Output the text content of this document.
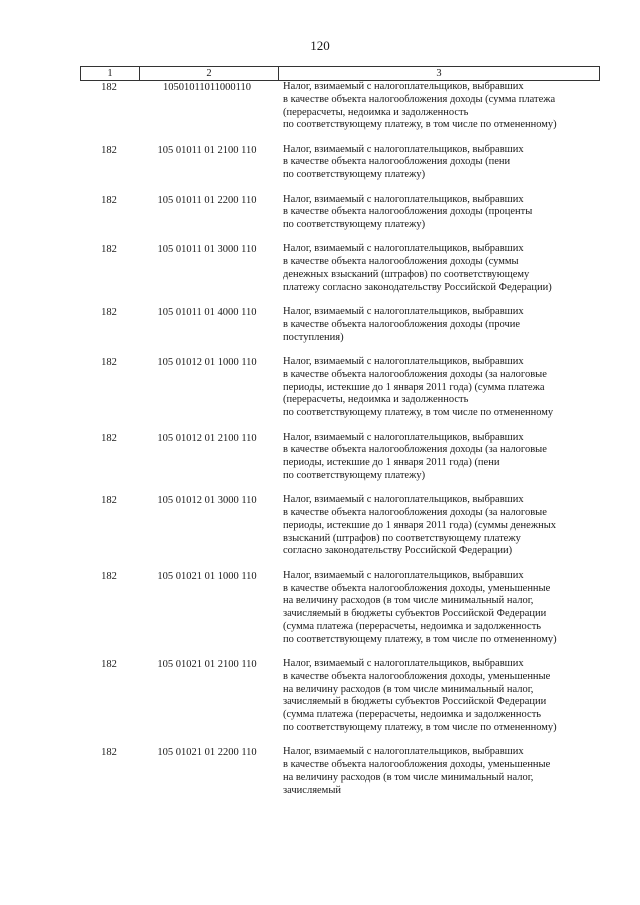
120
1	2	3
182	10501011011000110	Налог, взимаемый с налогоплательщиков, выбравших
в качестве объекта налогообложения доходы (сумма платежа
(перерасчеты, недоимка и задолженность
по соответствующему платежу, в том числе по отмененному)
182	105 01011 01 2100 110	Налог, взимаемый с налогоплательщиков, выбравших
в качестве объекта налогообложения доходы (пени
по соответствующему платежу)
182	105 01011 01 2200 110	Налог, взимаемый с налогоплательщиков, выбравших
в качестве объекта налогообложения доходы (проценты
по соответствующему платежу)
182	105 01011 01 3000 110	Налог, взимаемый с налогоплательщиков, выбравших
в качестве объекта налогообложения доходы (суммы
денежных взысканий (штрафов) по соответствующему
платежу согласно законодательству Российской Федерации)
182	105 01011 01 4000 110	Налог, взимаемый с налогоплательщиков, выбравших
в качестве объекта налогообложения доходы (прочие
поступления)
182	105 01012 01 1000 110	Налог, взимаемый с налогоплательщиков, выбравших
в качестве объекта налогообложения доходы (за налоговые
периоды, истекшие до 1 января 2011 года) (сумма платежа
(перерасчеты, недоимка и задолженность
по соответствующему платежу, в том числе по отмененному
182	105 01012 01 2100 110	Налог, взимаемый с налогоплательщиков, выбравших
в качестве объекта налогообложения доходы (за налоговые
периоды, истекшие до 1 января 2011 года) (пени
по соответствующему платежу)
182	105 01012 01 3000 110	Налог, взимаемый с налогоплательщиков, выбравших
в качестве объекта налогообложения доходы (за налоговые
периоды, истекшие до 1 января 2011 года) (суммы денежных
взысканий (штрафов) по соответствующему платежу
согласно законодательству Российской Федерации)
182	105 01021 01 1000 110	Налог, взимаемый с налогоплательщиков, выбравших
в качестве объекта налогообложения доходы, уменьшенные
на величину расходов (в том числе минимальный налог,
зачисляемый в бюджеты субъектов Российской Федерации
(сумма платежа (перерасчеты, недоимка и задолженность
по соответствующему платежу, в том числе по отмененному)
182	105 01021 01 2100 110	Налог, взимаемый с налогоплательщиков, выбравших
в качестве объекта налогообложения доходы, уменьшенные
на величину расходов (в том числе минимальный налог,
зачисляемый в бюджеты субъектов Российской Федерации
(сумма платежа (перерасчеты, недоимка и задолженность
по соответствующему платежу, в том числе по отмененному)
182	105 01021 01 2200 110	Налог, взимаемый с налогоплательщиков, выбравших
в качестве объекта налогообложения доходы, уменьшенные
на величину расходов (в том числе минимальный налог,
зачисляемый
